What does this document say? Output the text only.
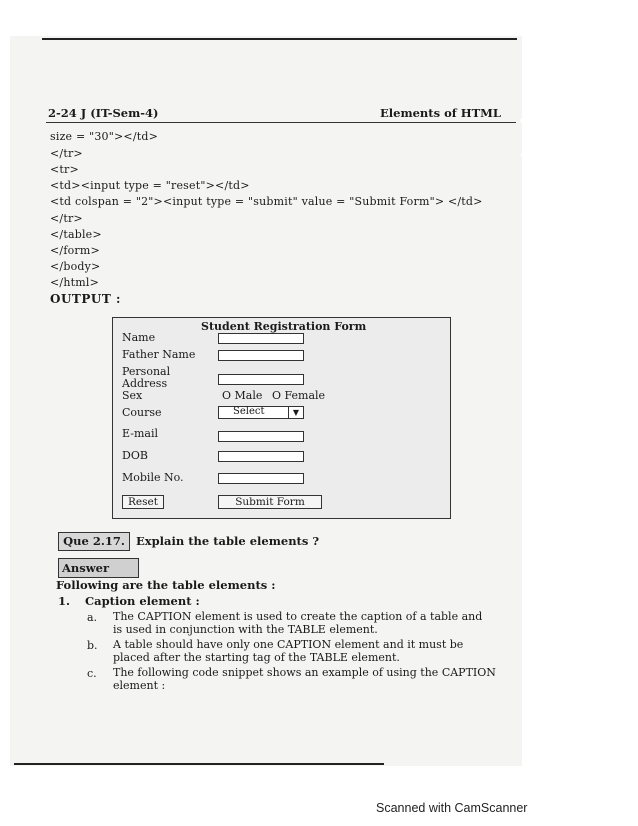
2-24 J (IT-Sem-4)	Elements of HTML
size = "30"></td>
</tr>
<tr>
<td><input type = "reset"></td>
<td colspan = "2"><input type = "submit" value = "Submit Form"> </td>
</tr>
</table>
</form>
</body>
</html>
OUTPUT :
Student Registration Form
Name
Father Name
Personal
Address
Sex	O Male O Female
Course	Select	▼
E-mail
DOB
Mobile No.
Reset	Submit Form
Que 2.17. Explain the table elements ?
Answer
Following are the table elements :
1. Caption element :
a. The CAPTION element is used to create the caption of a table and
is used in conjunction with the TABLE element.
b. A table should have only one CAPTION element and it must be
placed after the starting tag of the TABLE element.
c. The following code snippet shows an example of using the CAPTION
element :
Scanned with CamScanner
